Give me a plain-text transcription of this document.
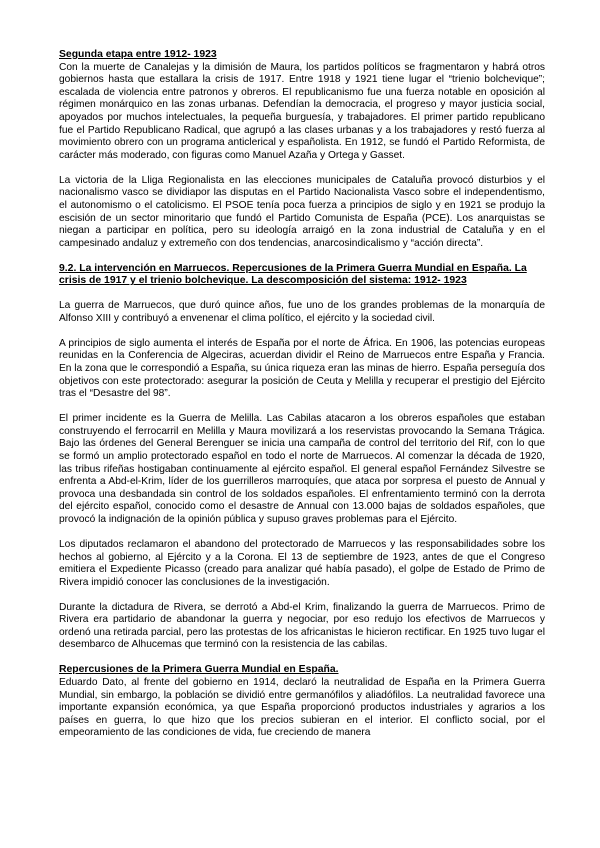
Segunda etapa entre 1912- 1923

Con la muerte de Canalejas y la dimisión de Maura, los partidos políticos se fragmentaron y habrá otros gobiernos hasta que estallara la crisis de 1917. Entre 1918 y 1921 tiene lugar el “trienio bolchevique”; escalada de violencia entre patronos y obreros. El republicanismo fue una fuerza notable en oposición al régimen monárquico en las zonas urbanas. Defendían la democracia, el progreso y mayor justicia social, apoyados por muchos intelectuales, la pequeña burguesía, y trabajadores. El primer partido republicano fue el Partido Republicano Radical, que agrupó a las clases urbanas y a los trabajadores y restó fuerza al movimiento obrero con un programa anticlerical y españolista. En 1912, se fundó el Partido Reformista, de carácter más moderado, con figuras como Manuel Azaña y Ortega y Gasset.

La victoria de la Lliga Regionalista en las elecciones municipales de Cataluña provocó disturbios y el nacionalismo vasco se dividiapor las disputas en el Partido Nacionalista Vasco sobre el independentismo, el autonomismo o el catolicismo. El PSOE tenía poca fuerza a principios de siglo y en 1921 se produjo la escisión de un sector minoritario que fundó el Partido Comunista de España (PCE). Los anarquistas se niegan a participar en política, pero su ideología arraigó en la zona industrial de Cataluña y en el campesinado andaluz y extremeño con dos tendencias, anarcosindicalismo y “acción directa”.

9.2. La intervención en Marruecos. Repercusiones de la Primera Guerra Mundial en España. La crisis de 1917 y el trienio bolchevique. La descomposición del sistema: 1912- 1923

La guerra de Marruecos, que duró quince años, fue uno de los grandes problemas de la monarquía de Alfonso XIII y contribuyó a envenenar el clima político, el ejército y la sociedad civil.

A principios de siglo aumenta el interés de España por el norte de África. En 1906, las potencias europeas reunidas en la Conferencia de Algeciras, acuerdan dividir el Reino de Marruecos entre España y Francia. En la zona que le correspondió a España, su única riqueza eran las minas de hierro. España perseguía dos objetivos con este protectorado: asegurar la posición de Ceuta y Melilla y recuperar el prestigio del Ejército tras el “Desastre del 98”.

El primer incidente es la Guerra de Melilla. Las Cabilas atacaron a los obreros españoles que estaban construyendo el ferrocarril en Melilla y Maura movilizará a los reservistas provocando la Semana Trágica. Bajo las órdenes del General Berenguer se inicia una campaña de control del territorio del Rif, con lo que se formó un amplio protectorado español en todo el norte de Marruecos. Al comenzar la década de 1920, las tribus rifeñas hostigaban continuamente al ejército español. El general español Fernández Silvestre se enfrenta a Abd-el-Krim, líder de los guerrilleros marroquíes, que ataca por sorpresa el puesto de Annual y provoca una desbandada sin control de los soldados españoles. El enfrentamiento terminó con la derrota del ejército español, conocido como el desastre de Annual con 13.000 bajas de soldados españoles, que provocó la indignación de la opinión pública y supuso graves problemas para el Ejército.

Los diputados reclamaron el abandono del protectorado de Marruecos y las responsabilidades sobre los hechos al gobierno, al Ejército y a la Corona. El 13 de septiembre de 1923, antes de que el Congreso emitiera el Expediente Picasso (creado para analizar qué había pasado), el golpe de Estado de Primo de Rivera impidió conocer las conclusiones de la investigación.

Durante la dictadura de Rivera, se derrotó a Abd-el Krim, finalizando la guerra de Marruecos. Primo de Rivera era partidario de abandonar la guerra y negociar, por eso redujo los efectivos de Marruecos y ordenó una retirada parcial, pero las protestas de los africanistas le hicieron rectificar. En 1925 tuvo lugar el desembarco de Alhucemas que terminó con la resistencia de las cabilas.

Repercusiones de la Primera Guerra Mundial en España.

Eduardo Dato, al frente del gobierno en 1914, declaró la neutralidad de España en la Primera Guerra Mundial, sin embargo, la población se dividió entre germanófilos y aliadófilos. La neutralidad favorece una importante expansión económica, ya que España proporcionó productos industriales y agrarios a los países en guerra, lo que hizo que los precios subieran en el interior. El conflicto social, por el empeoramiento de las condiciones de vida, fue creciendo de manera
